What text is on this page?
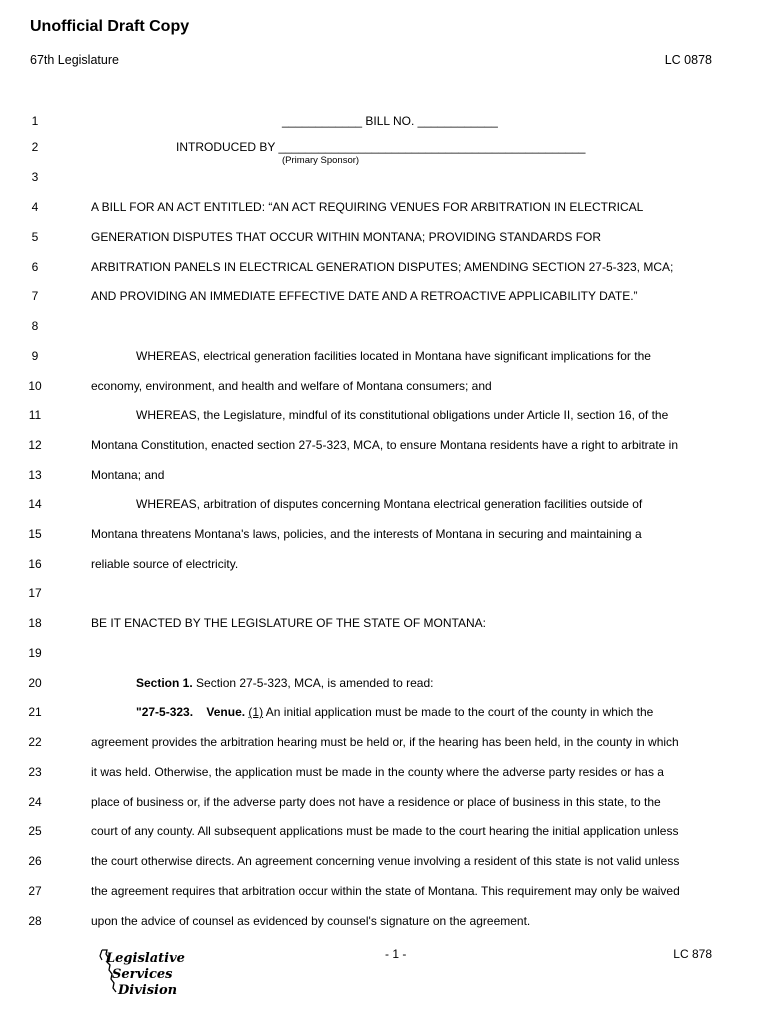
Unofficial Draft Copy
67th Legislature	LC 0878
1
2
3
4
5
6
7
8
9
10
11
12
13
14
15
16
17
18
19
20
21
22
23
24
25
26
27
28
____________ BILL NO. ____________
INTRODUCED BY ______________________________________________
(Primary Sponsor)
A BILL FOR AN ACT ENTITLED: “AN ACT REQUIRING VENUES FOR ARBITRATION IN ELECTRICAL
GENERATION DISPUTES THAT OCCUR WITHIN MONTANA; PROVIDING STANDARDS FOR
ARBITRATION PANELS IN ELECTRICAL GENERATION DISPUTES; AMENDING SECTION 27-5-323, MCA;
AND PROVIDING AN IMMEDIATE EFFECTIVE DATE AND A RETROACTIVE APPLICABILITY DATE.”
WHEREAS, electrical generation facilities located in Montana have significant implications for the
economy, environment, and health and welfare of Montana consumers; and
WHEREAS, the Legislature, mindful of its constitutional obligations under Article II, section 16, of the
Montana Constitution, enacted section 27-5-323, MCA, to ensure Montana residents have a right to arbitrate in
Montana; and
WHEREAS, arbitration of disputes concerning Montana electrical generation facilities outside of
Montana threatens Montana's laws, policies, and the interests of Montana in securing and maintaining a
reliable source of electricity.
BE IT ENACTED BY THE LEGISLATURE OF THE STATE OF MONTANA:
Section 1. Section 27-5-323, MCA, is amended to read:
"27-5-323.    Venue. (1) An initial application must be made to the court of the county in which the
agreement provides the arbitration hearing must be held or, if the hearing has been held, in the county in which
it was held. Otherwise, the application must be made in the county where the adverse party resides or has a
place of business or, if the adverse party does not have a residence or place of business in this state, to the
court of any county. All subsequent applications must be made to the court hearing the initial application unless
the court otherwise directs. An agreement concerning venue involving a resident of this state is not valid unless
the agreement requires that arbitration occur within the state of Montana. This requirement may only be waived
upon the advice of counsel as evidenced by counsel's signature on the agreement.
Legislative
Services
Division
- 1 -	LC 878
